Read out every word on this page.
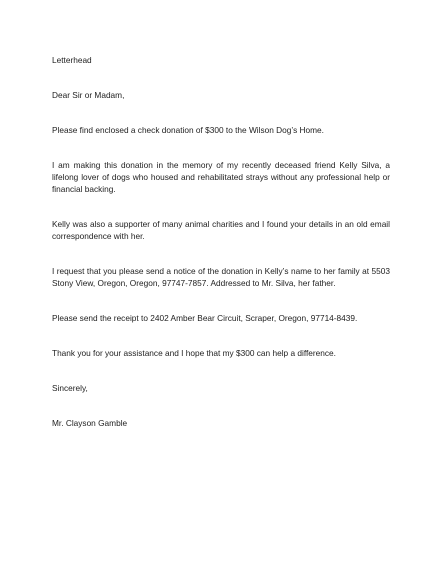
Letterhead

Dear Sir or Madam,

Please find enclosed a check donation of $300 to the Wilson Dog’s Home.

I am making this donation in the memory of my recently deceased friend Kelly Silva, a lifelong lover of dogs who housed and rehabilitated strays without any professional help or financial backing.

Kelly was also a supporter of many animal charities and I found your details in an old email correspondence with her.

I request that you please send a notice of the donation in Kelly’s name to her family at 5503 Stony View, Oregon, Oregon, 97747-7857. Addressed to Mr. Silva, her father.

Please send the receipt to 2402 Amber Bear Circuit, Scraper, Oregon, 97714-8439.

Thank you for your assistance and I hope that my $300 can help a difference.

Sincerely,

Mr. Clayson Gamble
